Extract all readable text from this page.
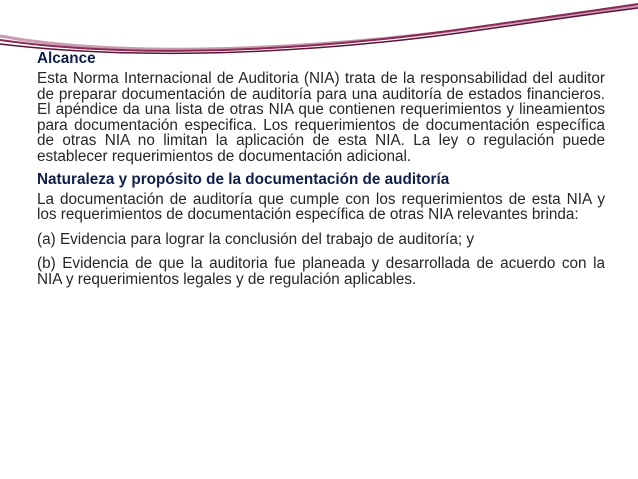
Alcance

Esta Norma Internacional de Auditoria (NIA) trata de la responsabilidad del auditor de preparar documentación de auditoría para una auditoría de estados financieros. El apéndice da una lista de otras NIA que contienen requerimientos y lineamientos para documentación especifica. Los requerimientos de documentación específica de otras NIA no limitan la aplicación de esta NIA. La ley o regulación puede establecer requerimientos de documentación adicional.

Naturaleza y propósito de la documentación de auditoría

La documentación de auditoría que cumple con los requerimientos de esta NIA y los requerimientos de documentación específica de otras NIA relevantes brinda:

(a) Evidencia para lograr la conclusión del trabajo de auditoría; y

(b) Evidencia de que la auditoria fue planeada y desarrollada de acuerdo con la NIA y requerimientos legales y de regulación aplicables.
